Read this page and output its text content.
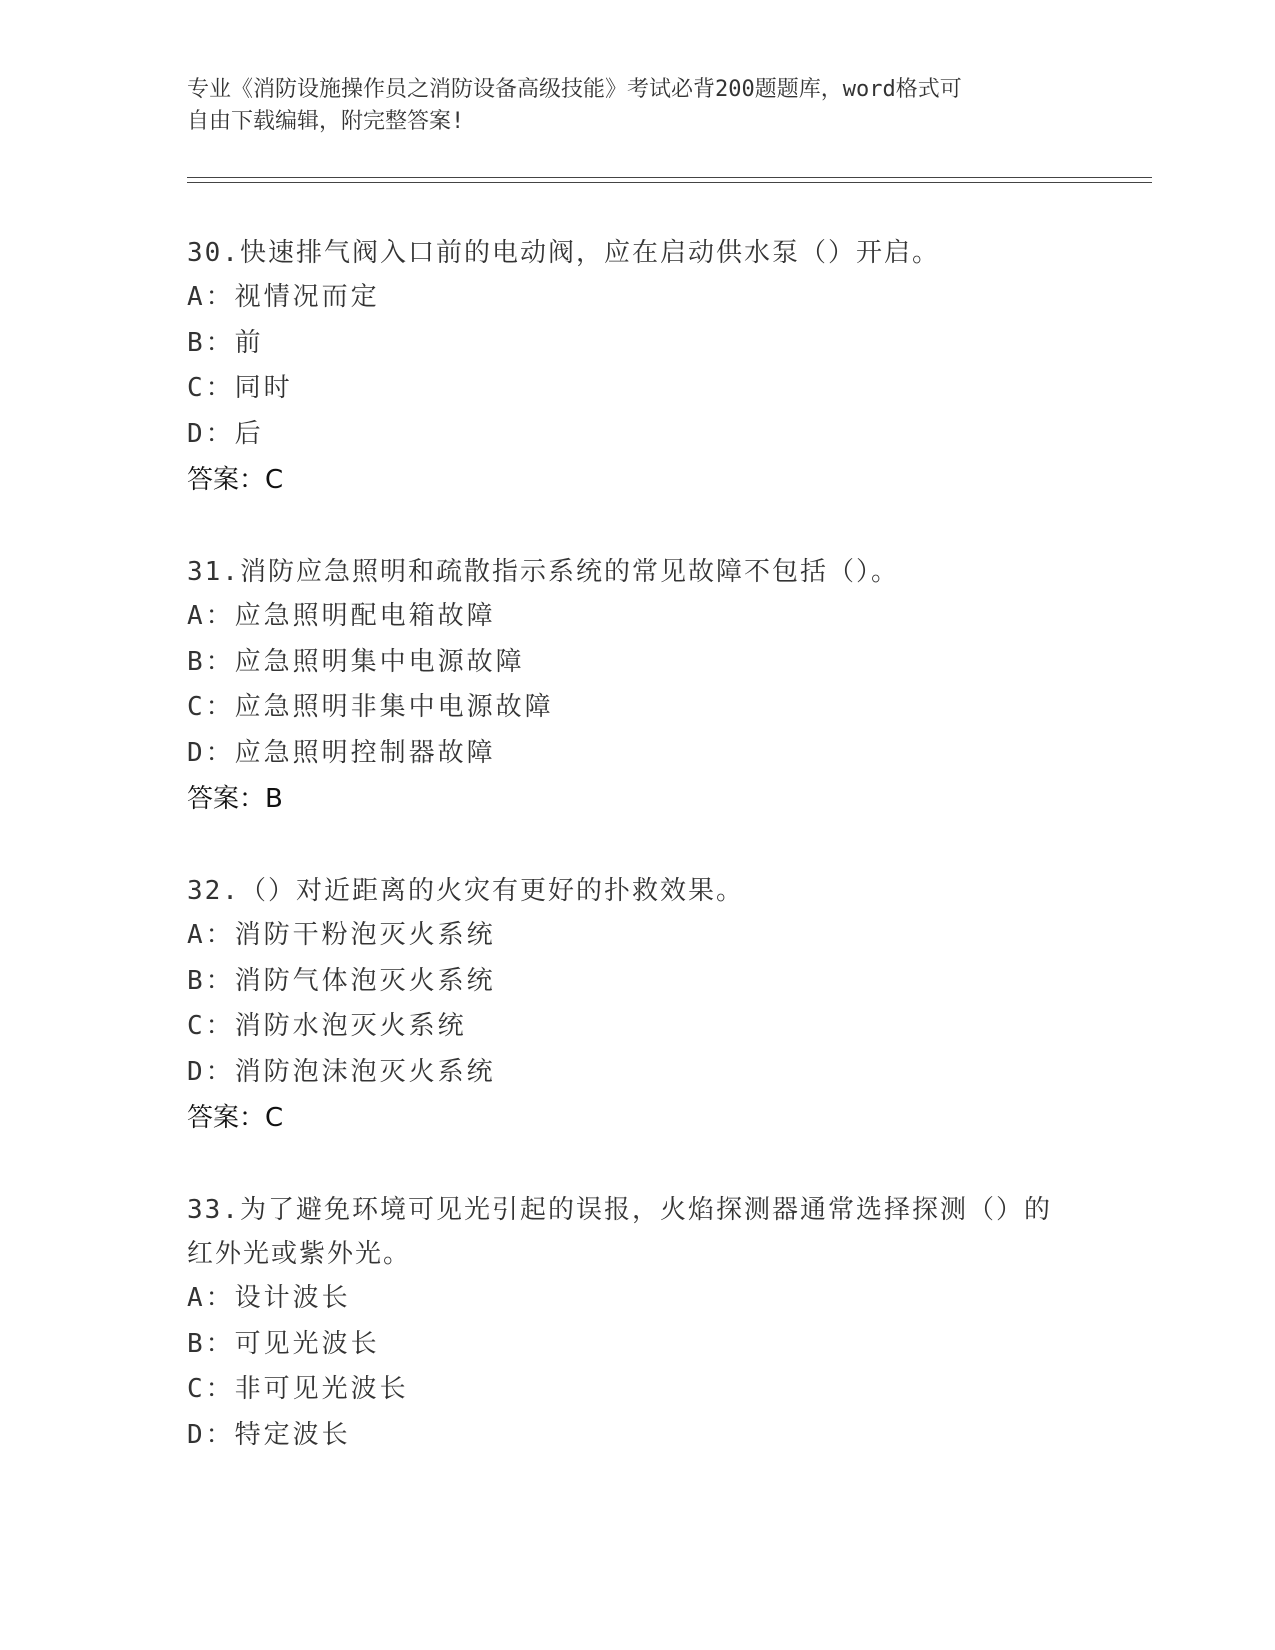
专业《消防设施操作员之消防设备高级技能》考试必背200题题库，word格式可
自由下载编辑，附完整答案!
30.快速排气阀入口前的电动阀，应在启动供水泵（）开启。
A：视情况而定
B：前
C：同时
D：后
答案：C
31.消防应急照明和疏散指示系统的常见故障不包括（）。
A：应急照明配电箱故障
B：应急照明集中电源故障
C：应急照明非集中电源故障
D：应急照明控制器故障
答案：B
32.（）对近距离的火灾有更好的扑救效果。
A：消防干粉泡灭火系统
B：消防气体泡灭火系统
C：消防水泡灭火系统
D：消防泡沫泡灭火系统
答案：C
33.为了避免环境可见光引起的误报，火焰探测器通常选择探测（）的
红外光或紫外光。
A：设计波长
B：可见光波长
C：非可见光波长
D：特定波长
